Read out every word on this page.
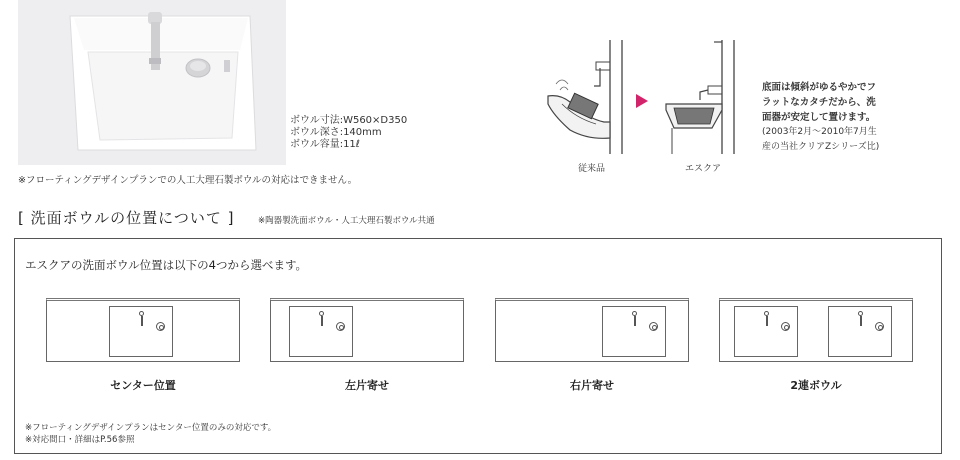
ボウル寸法:W560×D350
ボウル深さ:140mm
ボウル容量:11ℓ
※フローティングデザインプランでの人工大理石製ボウルの対応はできません。
従来品	エスクア
底面は傾斜がゆるやかでフ
ラットなカタチだから、洗
面器が安定して置けます。
(2003年2月〜2010年7月生
産の当社クリアZシリーズ比)
[ 洗面ボウルの位置について ]	※陶器製洗面ボウル・人工大理石製ボウル共通
エスクアの洗面ボウル位置は以下の4つから選べます。
センター位置	左片寄せ	右片寄せ	2連ボウル
※フローティングデザインプランはセンター位置のみの対応です。
※対応間口・詳細はP.56参照
